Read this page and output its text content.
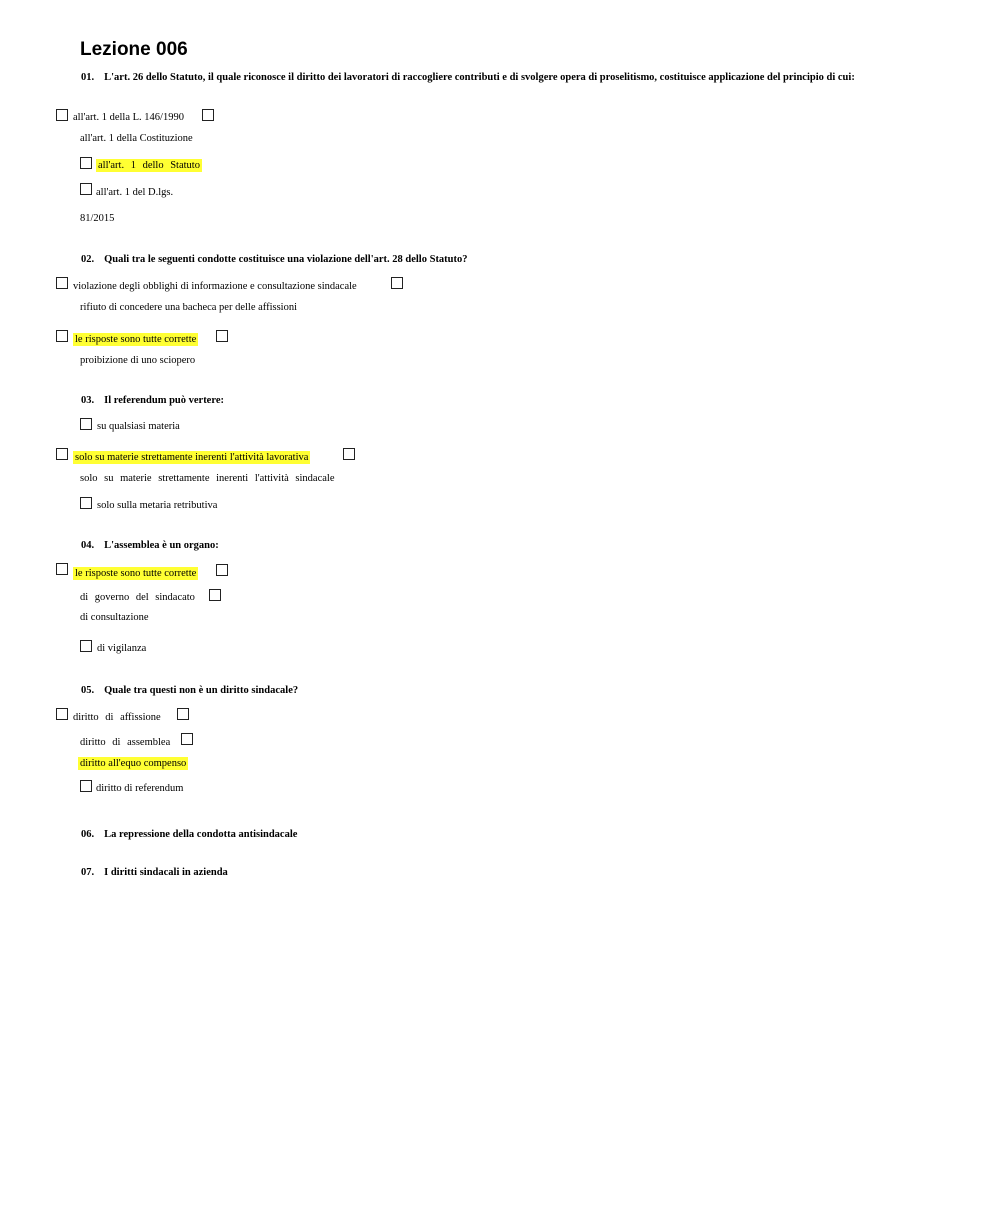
Lezione 006
01. L'art. 26 dello Statuto, il quale riconosce il diritto dei lavoratori di raccogliere contributi e di svolgere opera di proselitismo, costituisce applicazione del principio di cui:
all'art. 1 della L. 146/1990
all'art. 1 della Costituzione
all'art. 1 dello Statuto
all'art. 1 del D.lgs.
81/2015
02. Quali tra le seguenti condotte costituisce una violazione dell'art. 28 dello Statuto?
violazione degli obblighi di informazione e consultazione sindacale
rifiuto di concedere una bacheca per delle affissioni
le risposte sono tutte corrette
proibizione di uno sciopero
03. Il referendum può vertere:
su qualsiasi materia
solo su materie strettamente inerenti l'attività lavorativa
solo su materie strettamente inerenti l'attività sindacale
solo sulla metaria retributiva
04. L'assemblea è un organo:
le risposte sono tutte corrette
di governo del sindacato
di consultazione
di vigilanza
05. Quale tra questi non è un diritto sindacale?
diritto di affissione
diritto di assemblea
diritto all'equo compenso
diritto di referendum
06. La repressione della condotta antisindacale
07. I diritti sindacali in azienda
